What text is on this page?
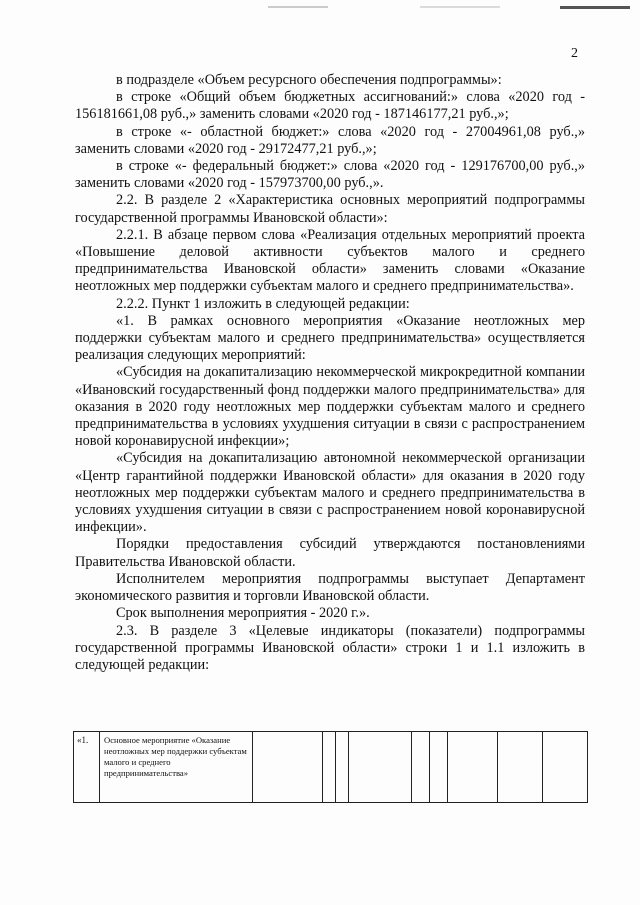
2

в подразделе «Объем ресурсного обеспечения подпрограммы»:

в строке «Общий объем бюджетных ассигнований:» слова «2020 год - 156181661,08 руб.,» заменить словами «2020 год - 187146177,21 руб.,»;

в строке «- областной бюджет:» слова «2020 год - 27004961,08 руб.,» заменить словами «2020 год - 29172477,21 руб.,»;

в строке «- федеральный бюджет:» слова «2020 год - 129176700,00 руб.,» заменить словами «2020 год - 157973700,00 руб.,».

2.2. В разделе 2 «Характеристика основных мероприятий подпрограммы государственной программы Ивановской области»:

2.2.1. В абзаце первом слова «Реализация отдельных мероприятий проекта «Повышение деловой активности субъектов малого и среднего предпринимательства Ивановской области» заменить словами «Оказание неотложных мер поддержки субъектам малого и среднего предпринимательства».

2.2.2. Пункт 1 изложить в следующей редакции:

«1. В рамках основного мероприятия «Оказание неотложных мер поддержки субъектам малого и среднего предпринимательства» осуществляется реализация следующих мероприятий:

«Субсидия на докапитализацию некоммерческой микрокредитной компании «Ивановский государственный фонд поддержки малого предпринимательства» для оказания в 2020 году неотложных мер поддержки субъектам малого и среднего предпринимательства в условиях ухудшения ситуации в связи с распространением новой коронавирусной инфекции»;

«Субсидия на докапитализацию автономной некоммерческой организации «Центр гарантийной поддержки Ивановской области» для оказания в 2020 году неотложных мер поддержки субъектам малого и среднего предпринимательства в условиях ухудшения ситуации в связи с распространением новой коронавирусной инфекции».

Порядки предоставления субсидий утверждаются постановлениями Правительства Ивановской области.

Исполнителем мероприятия подпрограммы выступает Департамент экономического развития и торговли Ивановской области.

Срок выполнения мероприятия - 2020 г.».

2.3. В разделе 3 «Целевые индикаторы (показатели) подпрограммы государственной программы Ивановской области» строки 1 и 1.1 изложить в следующей редакции:

«1.	Основное мероприятие «Оказание неотложных мер поддержки субъектам малого и среднего предпринимательства»									
